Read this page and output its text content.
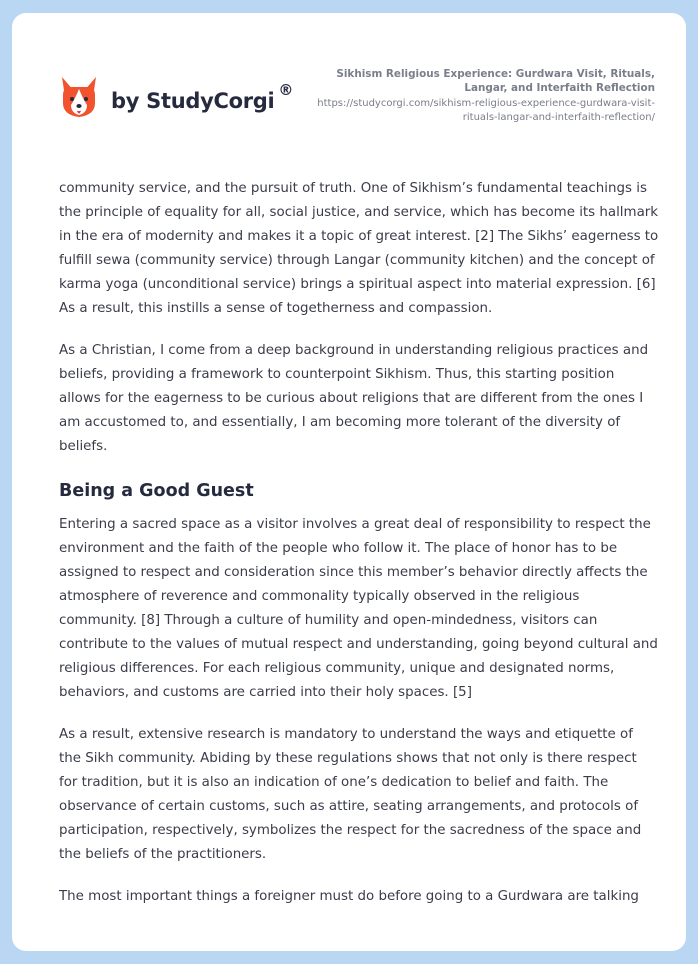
by StudyCorgi ®
Sikhism Religious Experience: Gurdwara Visit, Rituals, Langar, and Interfaith Reflection
https://studycorgi.com/sikhism-religious-experience-gurdwara-visit-rituals-langar-and-interfaith-reflection/

community service, and the pursuit of truth. One of Sikhism’s fundamental teachings is the principle of equality for all, social justice, and service, which has become its hallmark in the era of modernity and makes it a topic of great interest. [2] The Sikhs’ eagerness to fulfill sewa (community service) through Langar (community kitchen) and the concept of karma yoga (unconditional service) brings a spiritual aspect into material expression. [6] As a result, this instills a sense of togetherness and compassion.

As a Christian, I come from a deep background in understanding religious practices and beliefs, providing a framework to counterpoint Sikhism. Thus, this starting position allows for the eagerness to be curious about religions that are different from the ones I am accustomed to, and essentially, I am becoming more tolerant of the diversity of beliefs.

Being a Good Guest

Entering a sacred space as a visitor involves a great deal of responsibility to respect the environment and the faith of the people who follow it. The place of honor has to be assigned to respect and consideration since this member’s behavior directly affects the atmosphere of reverence and commonality typically observed in the religious community. [8] Through a culture of humility and open-mindedness, visitors can contribute to the values of mutual respect and understanding, going beyond cultural and religious differences. For each religious community, unique and designated norms, behaviors, and customs are carried into their holy spaces. [5]

As a result, extensive research is mandatory to understand the ways and etiquette of the Sikh community. Abiding by these regulations shows that not only is there respect for tradition, but it is also an indication of one’s dedication to belief and faith. The observance of certain customs, such as attire, seating arrangements, and protocols of participation, respectively, symbolizes the respect for the sacredness of the space and the beliefs of the practitioners.

The most important things a foreigner must do before going to a Gurdwara are talking
